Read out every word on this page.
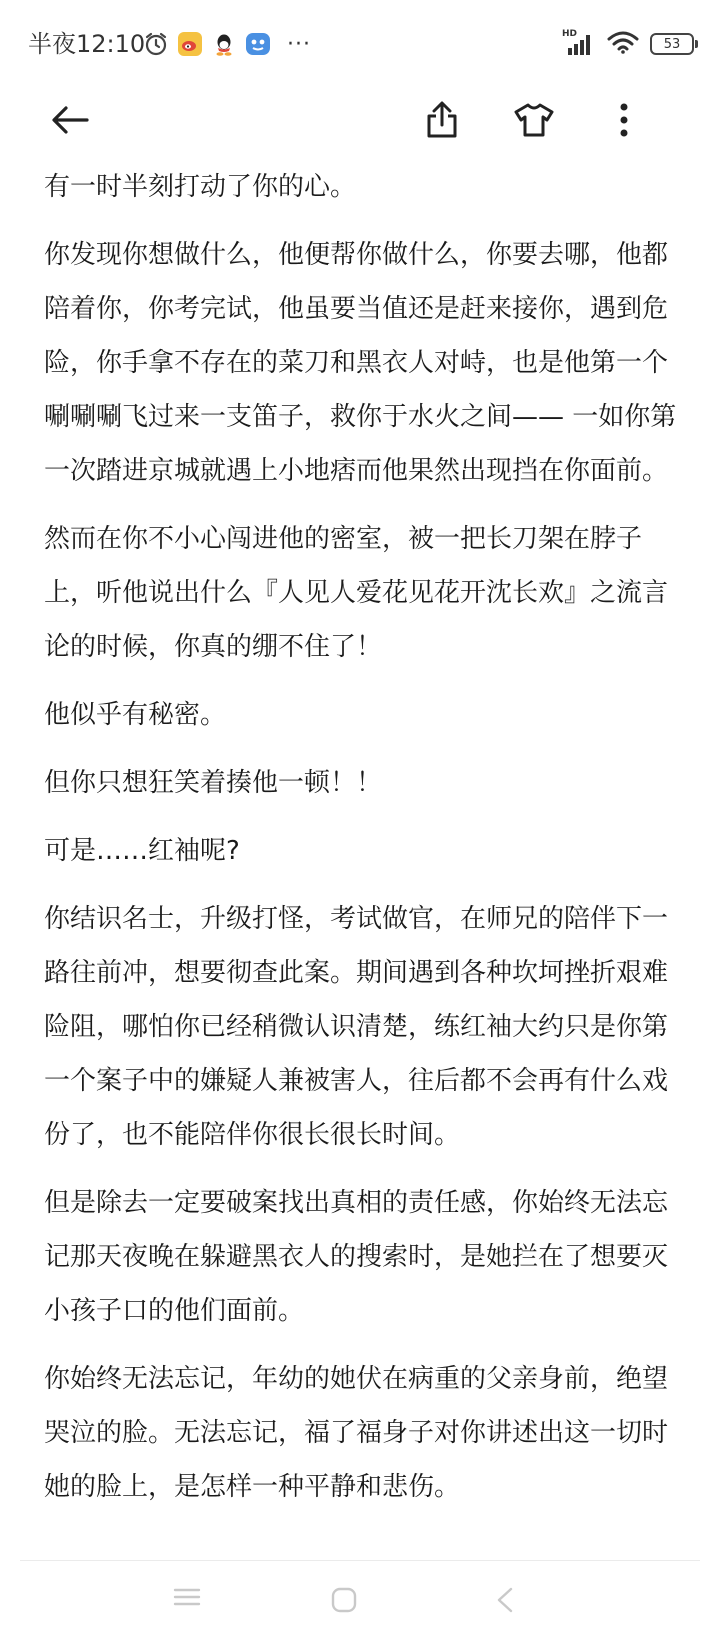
半夜12:10	···	HD
53

有一时半刻打动了你的心。

你发现你想做什么，他便帮你做什么，你要去哪，他都陪着你，你考完试，他虽要当值还是赶来接你，遇到危险，你手拿不存在的菜刀和黑衣人对峙，也是他第一个唰唰唰飞过来一支笛子，救你于水火之间—— 一如你第一次踏进京城就遇上小地痞而他果然出现挡在你面前。

然而在你不小心闯进他的密室，被一把长刀架在脖子上，听他说出什么『人见人爱花见花开沈长欢』之流言论的时候，你真的绷不住了！

他似乎有秘密。

但你只想狂笑着揍他一顿！！

可是……红袖呢?

你结识名士，升级打怪，考试做官，在师兄的陪伴下一路往前冲，想要彻查此案。期间遇到各种坎坷挫折艰难险阻，哪怕你已经稍微认识清楚，练红袖大约只是你第一个案子中的嫌疑人兼被害人，往后都不会再有什么戏份了，也不能陪伴你很长很长时间。

但是除去一定要破案找出真相的责任感，你始终无法忘记那天夜晚在躲避黑衣人的搜索时，是她拦在了想要灭小孩子口的他们面前。

你始终无法忘记，年幼的她伏在病重的父亲身前，绝望哭泣的脸。无法忘记，福了福身子对你讲述出这一切时她的脸上，是怎样一种平静和悲伤。
